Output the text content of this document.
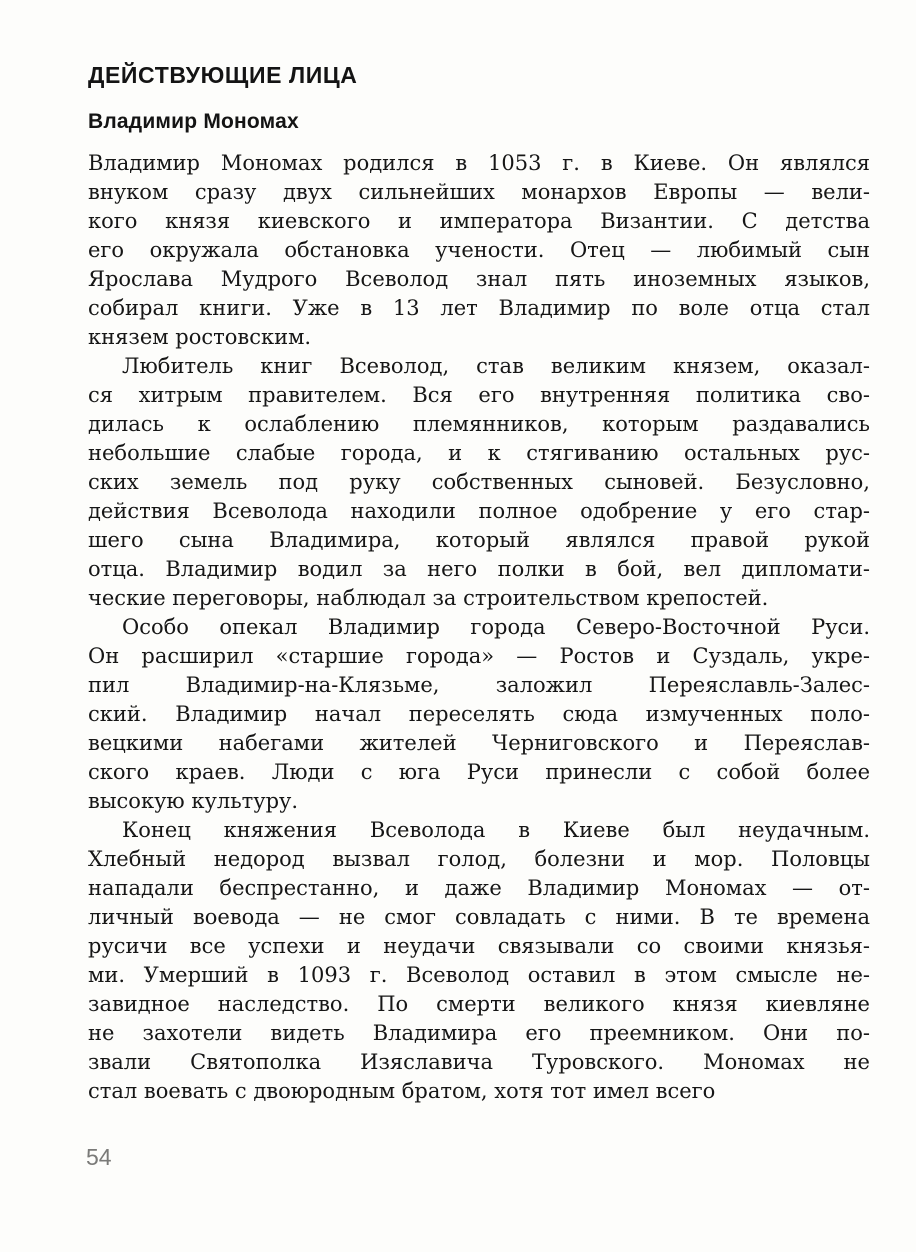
ДЕЙСТВУЮЩИЕ ЛИЦА
Владимир Мономах
Владимир Мономах родился в 1053 г. в Киеве. Он являлся
внуком сразу двух сильнейших монархов Европы — вели-
кого князя киевского и императора Византии. С детства
его окружала обстановка учености. Отец — любимый сын
Ярослава Мудрого Всеволод знал пять иноземных языков,
собирал книги. Уже в 13 лет Владимир по воле отца стал
князем ростовским.
Любитель книг Всеволод, став великим князем, оказал-
ся хитрым правителем. Вся его внутренняя политика сво-
дилась к ослаблению племянников, которым раздавались
небольшие слабые города, и к стягиванию остальных рус-
ских земель под руку собственных сыновей. Безусловно,
действия Всеволода находили полное одобрение у его стар-
шего сына Владимира, который являлся правой рукой
отца. Владимир водил за него полки в бой, вел дипломати-
ческие переговоры, наблюдал за строительством крепостей.
Особо опекал Владимир города Северо-Восточной Руси.
Он расширил «старшие города» — Ростов и Суздаль, укре-
пил Владимир-на-Клязьме, заложил Переяславль-Залес-
ский. Владимир начал переселять сюда измученных поло-
вецкими набегами жителей Черниговского и Переяслав-
ского краев. Люди с юга Руси принесли с собой более
высокую культуру.
Конец княжения Всеволода в Киеве был неудачным.
Хлебный недород вызвал голод, болезни и мор. Половцы
нападали беспрестанно, и даже Владимир Мономах — от-
личный воевода — не смог совладать с ними. В те времена
русичи все успехи и неудачи связывали со своими князья-
ми. Умерший в 1093 г. Всеволод оставил в этом смысле не-
завидное наследство. По смерти великого князя киевляне
не захотели видеть Владимира его преемником. Они по-
звали Святополка Изяславича Туровского. Мономах не
стал воевать с двоюродным братом, хотя тот имел всего
54
